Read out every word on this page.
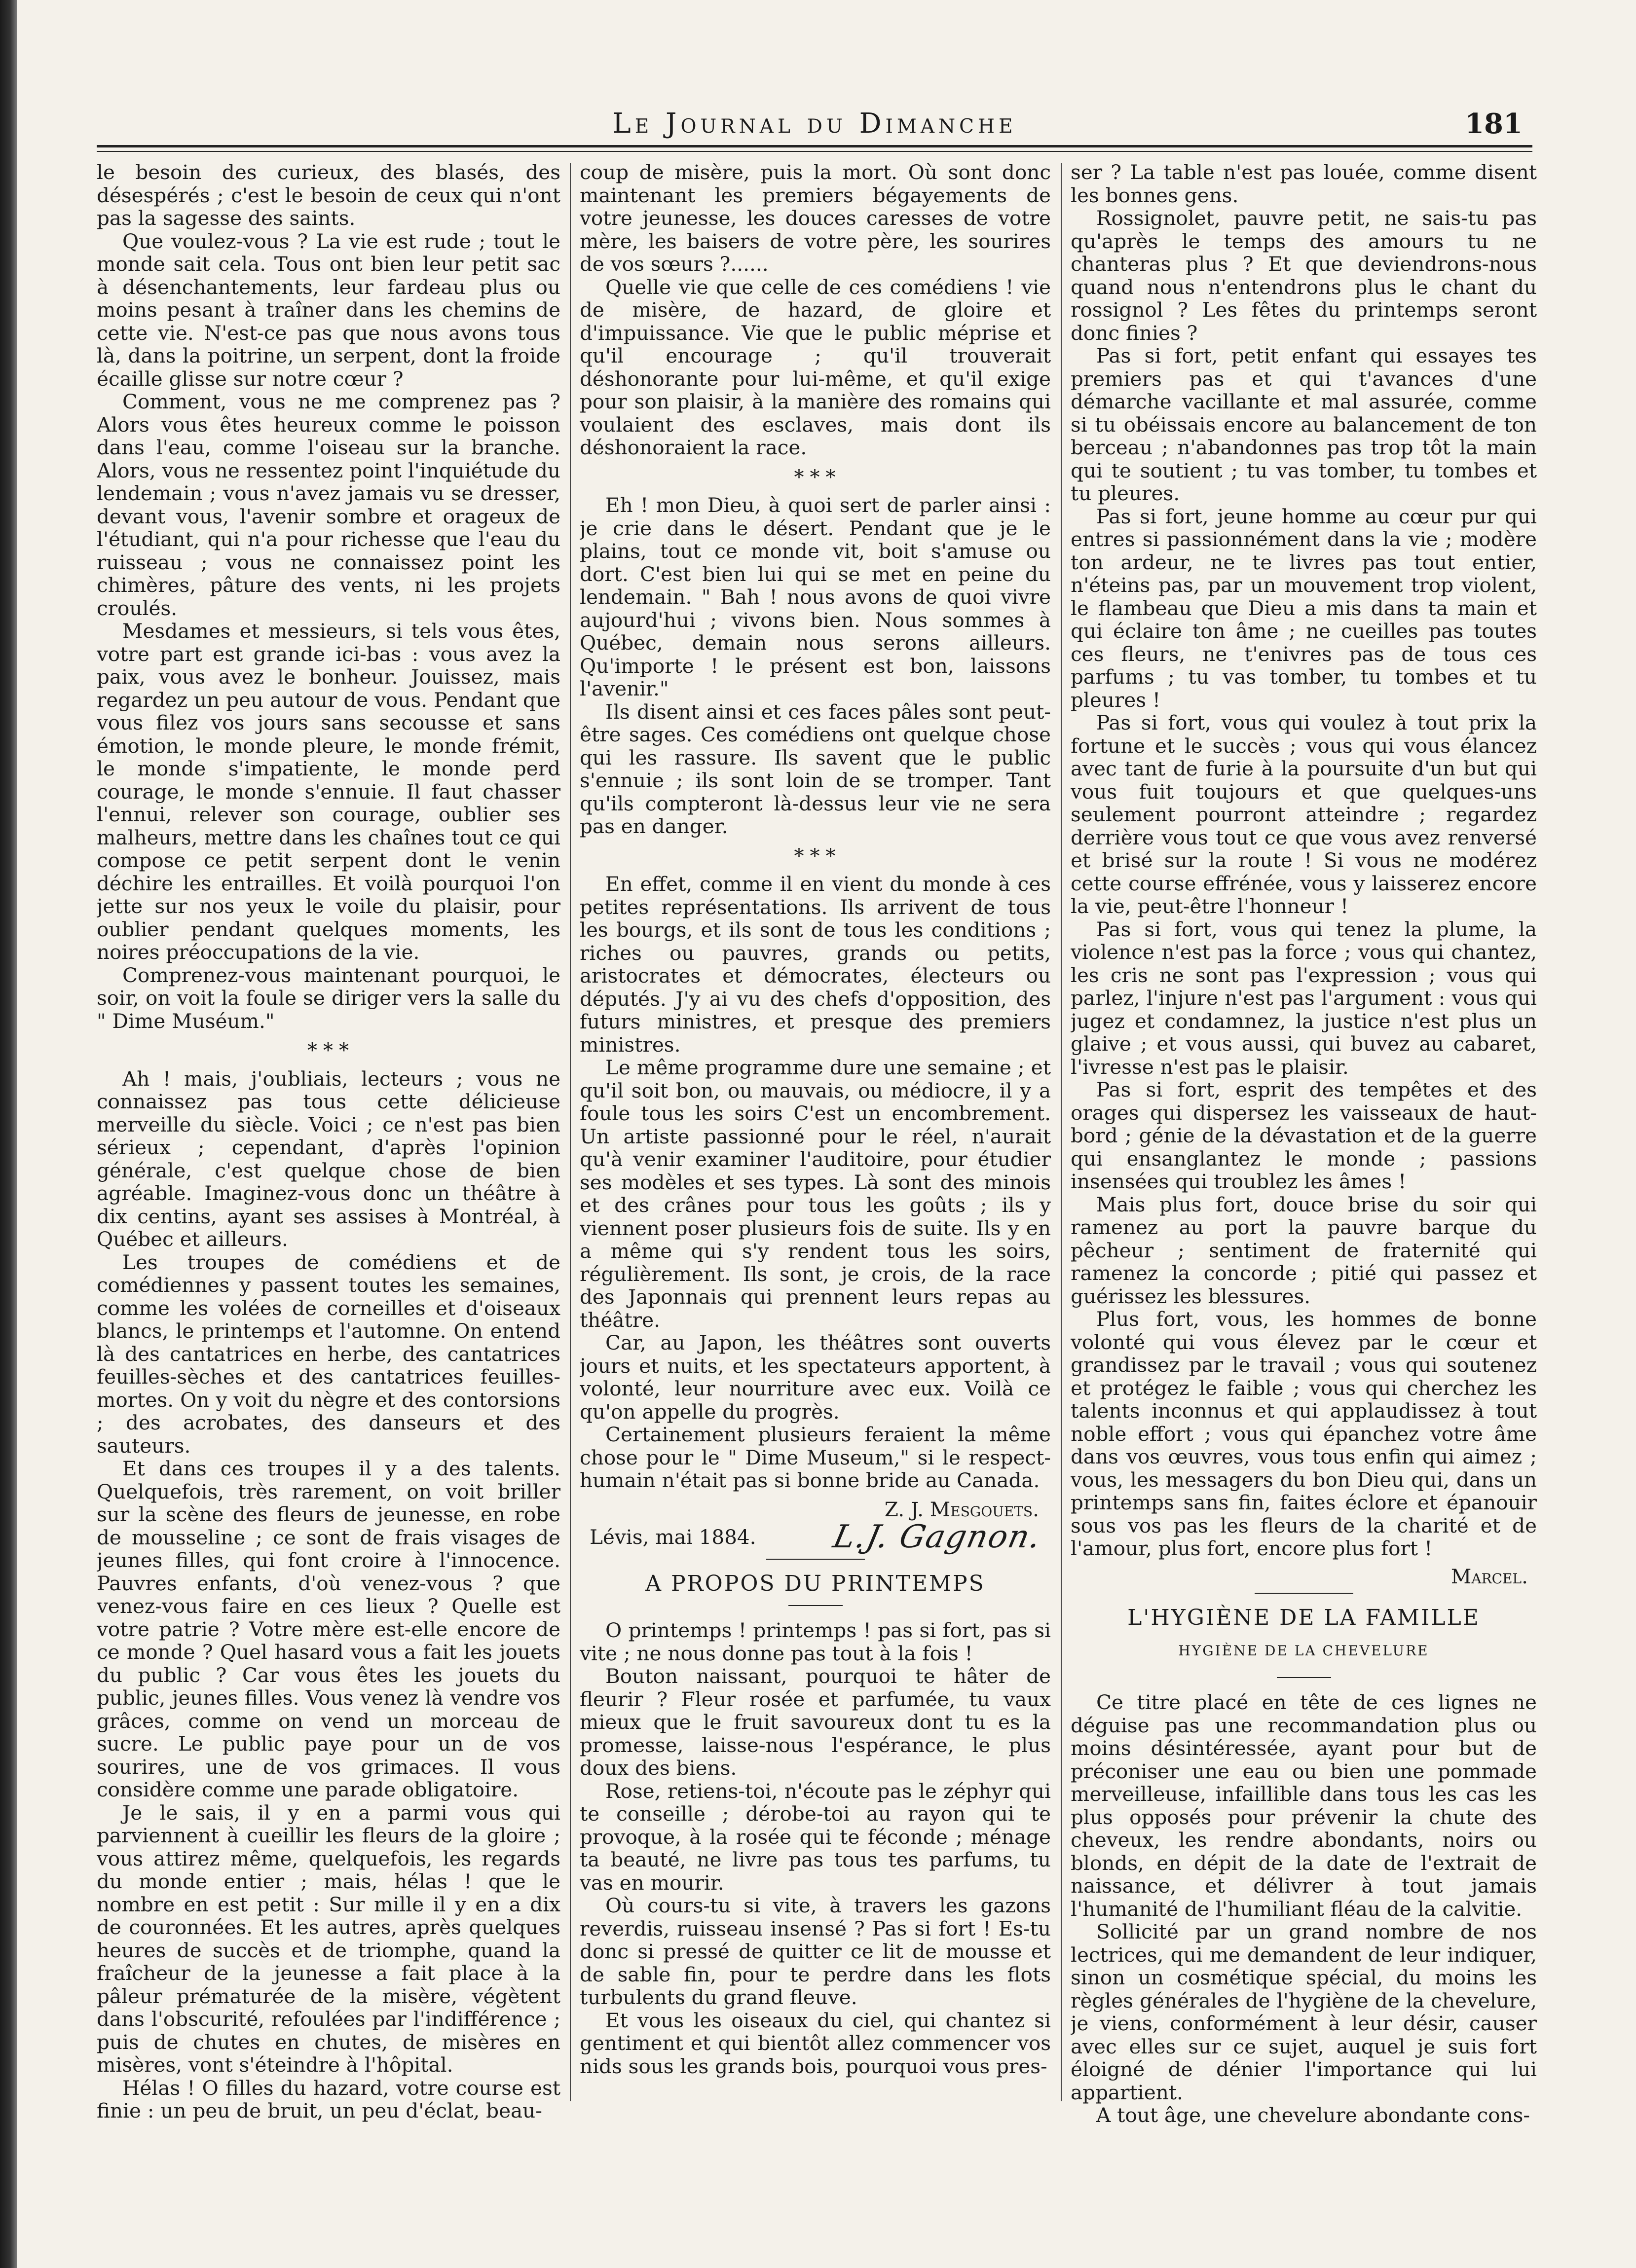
Le Journal du Dimanche	181

le besoin des curieux, des blasés, des désespérés ; c'est le besoin de ceux qui n'ont pas la sagesse des saints.

Que voulez-vous ? La vie est rude ; tout le monde sait cela. Tous ont bien leur petit sac à désenchantements, leur fardeau plus ou moins pesant à traîner dans les chemins de cette vie. N'est-ce pas que nous avons tous là, dans la poitrine, un serpent, dont la froide écaille glisse sur notre cœur ?

Comment, vous ne me comprenez pas ? Alors vous êtes heureux comme le poisson dans l'eau, comme l'oiseau sur la branche. Alors, vous ne ressentez point l'inquiétude du lendemain ; vous n'avez jamais vu se dresser, devant vous, l'avenir sombre et orageux de l'étudiant, qui n'a pour richesse que l'eau du ruisseau ; vous ne connaissez point les chimères, pâture des vents, ni les projets croulés.

Mesdames et messieurs, si tels vous êtes, votre part est grande ici-bas : vous avez la paix, vous avez le bonheur. Jouissez, mais regardez un peu autour de vous. Pendant que vous filez vos jours sans secousse et sans émotion, le monde pleure, le monde frémit, le monde s'impatiente, le monde perd courage, le monde s'ennuie. Il faut chasser l'ennui, relever son courage, oublier ses malheurs, mettre dans les chaînes tout ce qui compose ce petit serpent dont le venin déchire les entrailles. Et voilà pourquoi l'on jette sur nos yeux le voile du plaisir, pour oublier pendant quelques moments, les noires préoccupations de la vie.

Comprenez-vous maintenant pourquoi, le soir, on voit la foule se diriger vers la salle du " Dime Muséum."

* * *

Ah ! mais, j'oubliais, lecteurs ; vous ne connaissez pas tous cette délicieuse merveille du siècle. Voici ; ce n'est pas bien sérieux ; cependant, d'après l'opinion générale, c'est quelque chose de bien agréable. Imaginez-vous donc un théâtre à dix centins, ayant ses assises à Montréal, à Québec et ailleurs.

Les troupes de comédiens et de comédiennes y passent toutes les semaines, comme les volées de corneilles et d'oiseaux blancs, le printemps et l'automne. On entend là des cantatrices en herbe, des cantatrices feuilles-sèches et des cantatrices feuilles-mortes. On y voit du nègre et des contorsions ; des acrobates, des danseurs et des sauteurs.

Et dans ces troupes il y a des talents. Quelquefois, très rarement, on voit briller sur la scène des fleurs de jeunesse, en robe de mousseline ; ce sont de frais visages de jeunes filles, qui font croire à l'innocence. Pauvres enfants, d'où venez-vous ? que venez-vous faire en ces lieux ? Quelle est votre patrie ? Votre mère est-elle encore de ce monde ? Quel hasard vous a fait les jouets du public ? Car vous êtes les jouets du public, jeunes filles. Vous venez là vendre vos grâces, comme on vend un morceau de sucre. Le public paye pour un de vos sourires, une de vos grimaces. Il vous considère comme une parade obligatoire.

Je le sais, il y en a parmi vous qui parviennent à cueillir les fleurs de la gloire ; vous attirez même, quelquefois, les regards du monde entier ; mais, hélas ! que le nombre en est petit : Sur mille il y en a dix de couronnées. Et les autres, après quelques heures de succès et de triomphe, quand la fraîcheur de la jeunesse a fait place à la pâleur prématurée de la misère, végètent dans l'obscurité, refoulées par l'indifférence ; puis de chutes en chutes, de misères en misères, vont s'éteindre à l'hôpital.

Hélas ! O filles du hazard, votre course est finie : un peu de bruit, un peu d'éclat, beau-

coup de misère, puis la mort. Où sont donc maintenant les premiers bégayements de votre jeunesse, les douces caresses de votre mère, les baisers de votre père, les sourires de vos sœurs ?......

Quelle vie que celle de ces comédiens ! vie de misère, de hazard, de gloire et d'impuissance. Vie que le public méprise et qu'il encourage ; qu'il trouverait déshonorante pour lui-même, et qu'il exige pour son plaisir, à la manière des romains qui voulaient des esclaves, mais dont ils déshonoraient la race.

* * *

Eh ! mon Dieu, à quoi sert de parler ainsi : je crie dans le désert. Pendant que je le plains, tout ce monde vit, boit s'amuse ou dort. C'est bien lui qui se met en peine du lendemain. " Bah ! nous avons de quoi vivre aujourd'hui ; vivons bien. Nous sommes à Québec, demain nous serons ailleurs. Qu'importe ! le présent est bon, laissons l'avenir."

Ils disent ainsi et ces faces pâles sont peut-être sages. Ces comédiens ont quelque chose qui les rassure. Ils savent que le public s'ennuie ; ils sont loin de se tromper. Tant qu'ils compteront là-dessus leur vie ne sera pas en danger.

* * *

En effet, comme il en vient du monde à ces petites représentations. Ils arrivent de tous les bourgs, et ils sont de tous les conditions ; riches ou pauvres, grands ou petits, aristocrates et démocrates, électeurs ou députés. J'y ai vu des chefs d'opposition, des futurs ministres, et presque des premiers ministres.

Le même programme dure une semaine ; et qu'il soit bon, ou mauvais, ou médiocre, il y a foule tous les soirs C'est un encombrement. Un artiste passionné pour le réel, n'aurait qu'à venir examiner l'auditoire, pour étudier ses modèles et ses types. Là sont des minois et des crânes pour tous les goûts ; ils y viennent poser plusieurs fois de suite. Ils y en a même qui s'y rendent tous les soirs, régulièrement. Ils sont, je crois, de la race des Japonnais qui prennent leurs repas au théâtre.

Car, au Japon, les théâtres sont ouverts jours et nuits, et les spectateurs apportent, à volonté, leur nourriture avec eux. Voilà ce qu'on appelle du progrès.

Certainement plusieurs feraient la même chose pour le " Dime Museum," si le respect-humain n'était pas si bonne bride au Canada.

Z. J. Mesgouets.
Lévis, mai 1884. L.J. Gagnon.
A PROPOS DU PRINTEMPS

O printemps ! printemps ! pas si fort, pas si vite ; ne nous donne pas tout à la fois !

Bouton naissant, pourquoi te hâter de fleurir ? Fleur rosée et parfumée, tu vaux mieux que le fruit savoureux dont tu es la promesse, laisse-nous l'espérance, le plus doux des biens.

Rose, retiens-toi, n'écoute pas le zéphyr qui te conseille ; dérobe-toi au rayon qui te provoque, à la rosée qui te féconde ; ménage ta beauté, ne livre pas tous tes parfums, tu vas en mourir.

Où cours-tu si vite, à travers les gazons reverdis, ruisseau insensé ? Pas si fort ! Es-tu donc si pressé de quitter ce lit de mousse et de sable fin, pour te perdre dans les flots turbulents du grand fleuve.

Et vous les oiseaux du ciel, qui chantez si gentiment et qui bientôt allez commencer vos nids sous les grands bois, pourquoi vous pres-

ser ? La table n'est pas louée, comme disent les bonnes gens.

Rossignolet, pauvre petit, ne sais-tu pas qu'après le temps des amours tu ne chanteras plus ? Et que deviendrons-nous quand nous n'entendrons plus le chant du rossignol ? Les fêtes du printemps seront donc finies ?

Pas si fort, petit enfant qui essayes tes premiers pas et qui t'avances d'une démarche vacillante et mal assurée, comme si tu obéissais encore au balancement de ton berceau ; n'abandonnes pas trop tôt la main qui te soutient ; tu vas tomber, tu tombes et tu pleures.

Pas si fort, jeune homme au cœur pur qui entres si passionnément dans la vie ; modère ton ardeur, ne te livres pas tout entier, n'éteins pas, par un mouvement trop violent, le flambeau que Dieu a mis dans ta main et qui éclaire ton âme ; ne cueilles pas toutes ces fleurs, ne t'enivres pas de tous ces parfums ; tu vas tomber, tu tombes et tu pleures !

Pas si fort, vous qui voulez à tout prix la fortune et le succès ; vous qui vous élancez avec tant de furie à la poursuite d'un but qui vous fuit toujours et que quelques-uns seulement pourront atteindre ; regardez derrière vous tout ce que vous avez renversé et brisé sur la route ! Si vous ne modérez cette course effrénée, vous y laisserez encore la vie, peut-être l'honneur !

Pas si fort, vous qui tenez la plume, la violence n'est pas la force ; vous qui chantez, les cris ne sont pas l'expression ; vous qui parlez, l'injure n'est pas l'argument : vous qui jugez et condamnez, la justice n'est plus un glaive ; et vous aussi, qui buvez au cabaret, l'ivresse n'est pas le plaisir.

Pas si fort, esprit des tempêtes et des orages qui dispersez les vaisseaux de haut-bord ; génie de la dévastation et de la guerre qui ensanglantez le monde ; passions insensées qui troublez les âmes !

Mais plus fort, douce brise du soir qui ramenez au port la pauvre barque du pêcheur ; sentiment de fraternité qui ramenez la concorde ; pitié qui passez et guérissez les blessures.

Plus fort, vous, les hommes de bonne volonté qui vous élevez par le cœur et grandissez par le travail ; vous qui soutenez et protégez le faible ; vous qui cherchez les talents inconnus et qui applaudissez à tout noble effort ; vous qui épanchez votre âme dans vos œuvres, vous tous enfin qui aimez ; vous, les messagers du bon Dieu qui, dans un printemps sans fin, faites éclore et épanouir sous vos pas les fleurs de la charité et de l'amour, plus fort, encore plus fort !

Marcel.
L'HYGIÈNE DE LA FAMILLE
HYGIÈNE DE LA CHEVELURE

Ce titre placé en tête de ces lignes ne déguise pas une recommandation plus ou moins désintéressée, ayant pour but de préconiser une eau ou bien une pommade merveilleuse, infaillible dans tous les cas les plus opposés pour prévenir la chute des cheveux, les rendre abondants, noirs ou blonds, en dépit de la date de l'extrait de naissance, et délivrer à tout jamais l'humanité de l'humiliant fléau de la calvitie.

Sollicité par un grand nombre de nos lectrices, qui me demandent de leur indiquer, sinon un cosmétique spécial, du moins les règles générales de l'hygiène de la chevelure, je viens, conformément à leur désir, causer avec elles sur ce sujet, auquel je suis fort éloigné de dénier l'importance qui lui appartient.

A tout âge, une chevelure abondante cons-
